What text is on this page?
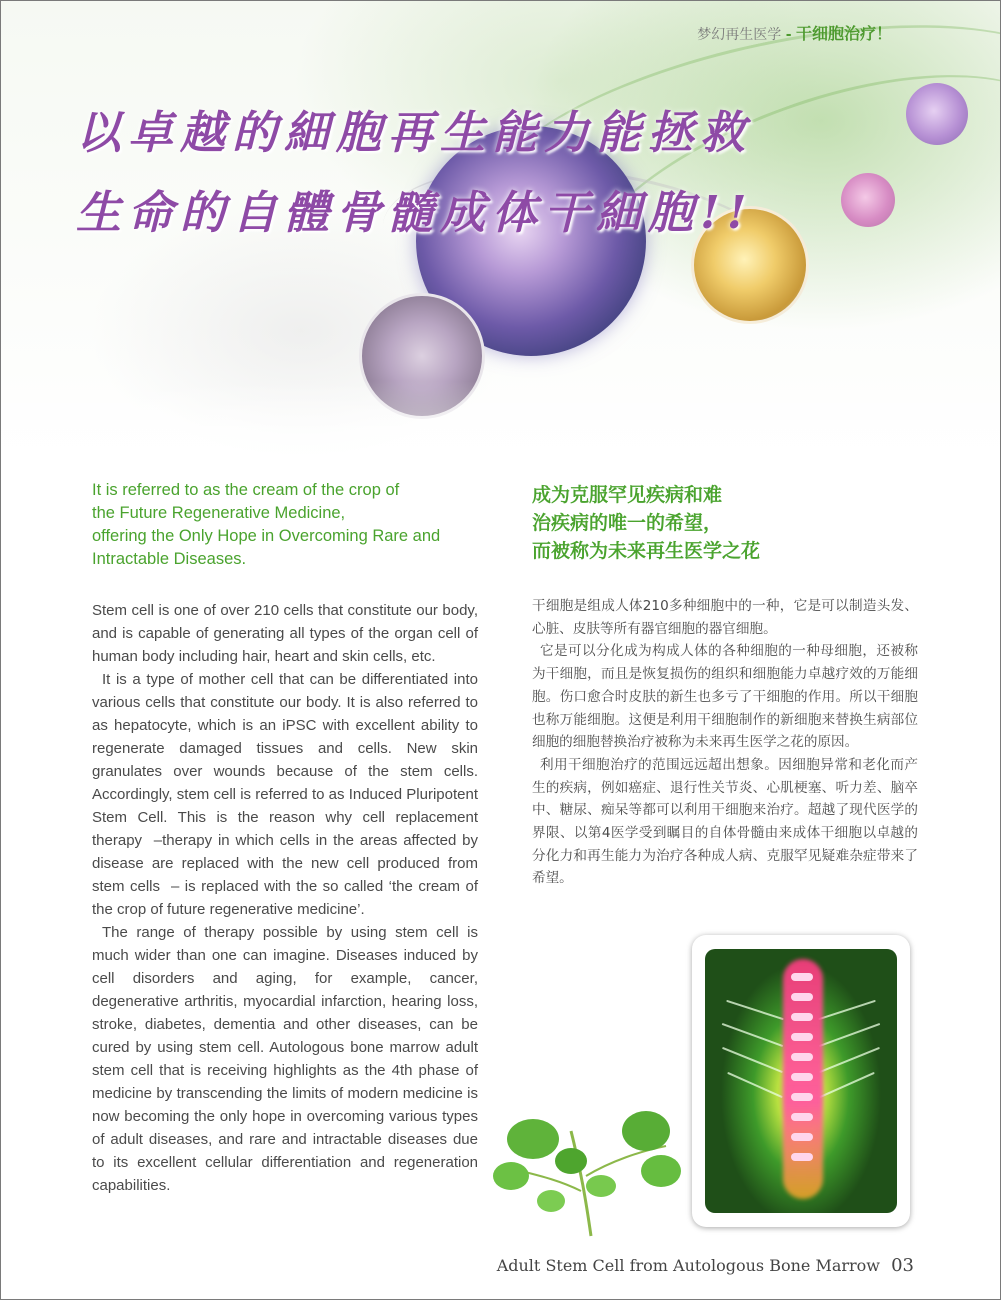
梦幻再生医学 - 干细胞治疗！
以卓越的細胞再生能力能拯救
生命的自體骨髓成体干細胞!!
It is referred to as the cream of the crop of
the Future Regenerative Medicine,
offering the Only Hope in Overcoming Rare and
Intractable Diseases.

Stem cell is one of over 210 cells that constitute our body, and is capable of generating all types of the organ cell of human body including hair, heart and skin cells, etc.

It is a type of mother cell that can be differentiated into various cells that constitute our body. It is also referred to as hepatocyte, which is an iPSC with excellent ability to regenerate damaged tissues and cells. New skin granulates over wounds because of the stem cells. Accordingly, stem cell is referred to as Induced Pluripotent Stem Cell. This is the reason why cell replacement therapy  –therapy in which cells in the areas affected by disease are replaced with the new cell produced from stem cells  – is replaced with the so called ‘the cream of the crop of future regenerative medicine’.

The range of therapy possible by using stem cell is much wider than one can imagine. Diseases induced by cell disorders and aging, for example, cancer, degenerative arthritis, myocardial infarction, hearing loss, stroke, diabetes, dementia and other diseases, can be cured by using stem cell. Autologous bone marrow adult stem cell that is receiving highlights as the 4th phase of medicine by transcending the limits of modern medicine is now becoming the only hope in overcoming various types of adult diseases, and rare and intractable diseases due to its excellent cellular differentiation and regeneration capabilities.

成为克服罕见疾病和难
治疾病的唯一的希望，
而被称为未来再生医学之花

干细胞是组成人体210多种细胞中的一种，它是可以制造头发、心脏、皮肤等所有器官细胞的器官细胞。

它是可以分化成为构成人体的各种细胞的一种母细胞，还被称为干细胞，而且是恢复损伤的组织和细胞能力卓越疗效的万能细胞。伤口愈合时皮肤的新生也多亏了干细胞的作用。所以干细胞也称万能细胞。这便是利用干细胞制作的新细胞来替换生病部位细胞的细胞替换治疗被称为未来再生医学之花的原因。

利用干细胞治疗的范围远远超出想象。因细胞异常和老化而产生的疾病，例如癌症、退行性关节炎、心肌梗塞、听力差、脑卒中、糖尿、痴呆等都可以利用干细胞来治疗。超越了现代医学的界限、以第4医学受到瞩目的自体骨髓由来成体干细胞以卓越的分化力和再生能力为治疗各种成人病、克服罕见疑难杂症带来了希望。

Adult Stem Cell from Autologous Bone Marrow 03
